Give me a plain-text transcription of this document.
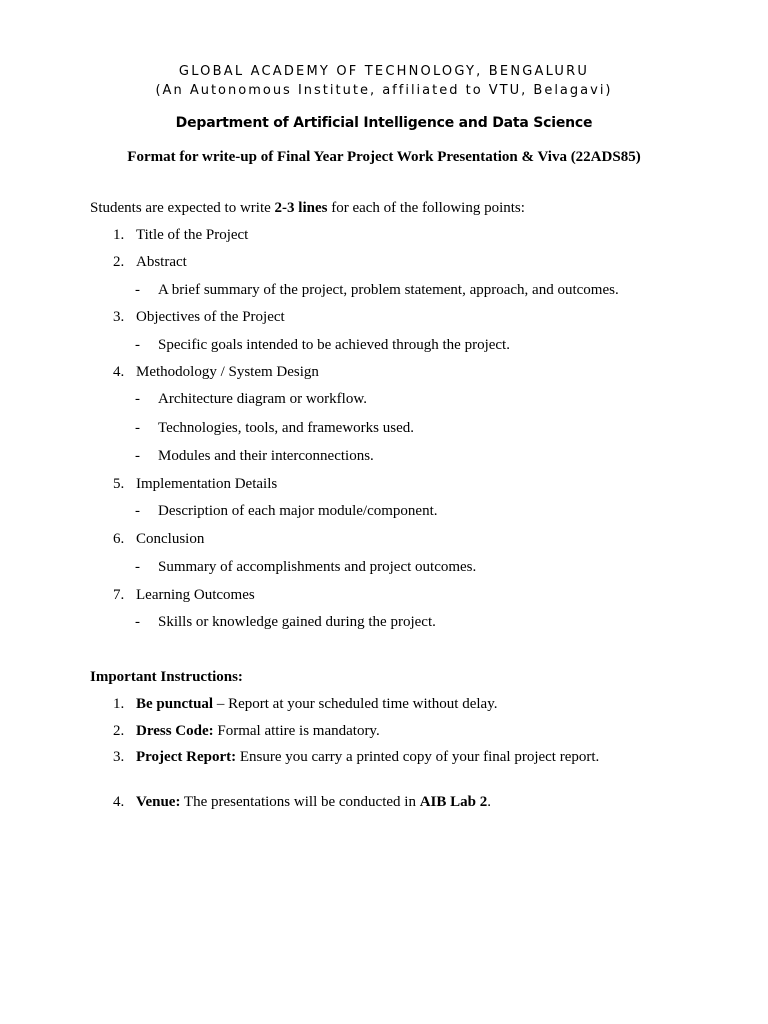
GLOBAL ACADEMY OF TECHNOLOGY, BENGALURU
(An Autonomous Institute, affiliated to VTU, Belagavi)
Department of Artificial Intelligence and Data Science
Format for write-up of Final Year Project Work Presentation & Viva (22ADS85)
Students are expected to write 2-3 lines for each of the following points:
1. Title of the Project
2. Abstract
- A brief summary of the project, problem statement, approach, and outcomes.
3. Objectives of the Project
- Specific goals intended to be achieved through the project.
4. Methodology / System Design
- Architecture diagram or workflow.
- Technologies, tools, and frameworks used.
- Modules and their interconnections.
5. Implementation Details
- Description of each major module/component.
6. Conclusion
- Summary of accomplishments and project outcomes.
7. Learning Outcomes
- Skills or knowledge gained during the project.
Important Instructions:
1. Be punctual – Report at your scheduled time without delay.
2. Dress Code: Formal attire is mandatory.
3. Project Report: Ensure you carry a printed copy of your final project report.
4. Venue: The presentations will be conducted in AIB Lab 2.
